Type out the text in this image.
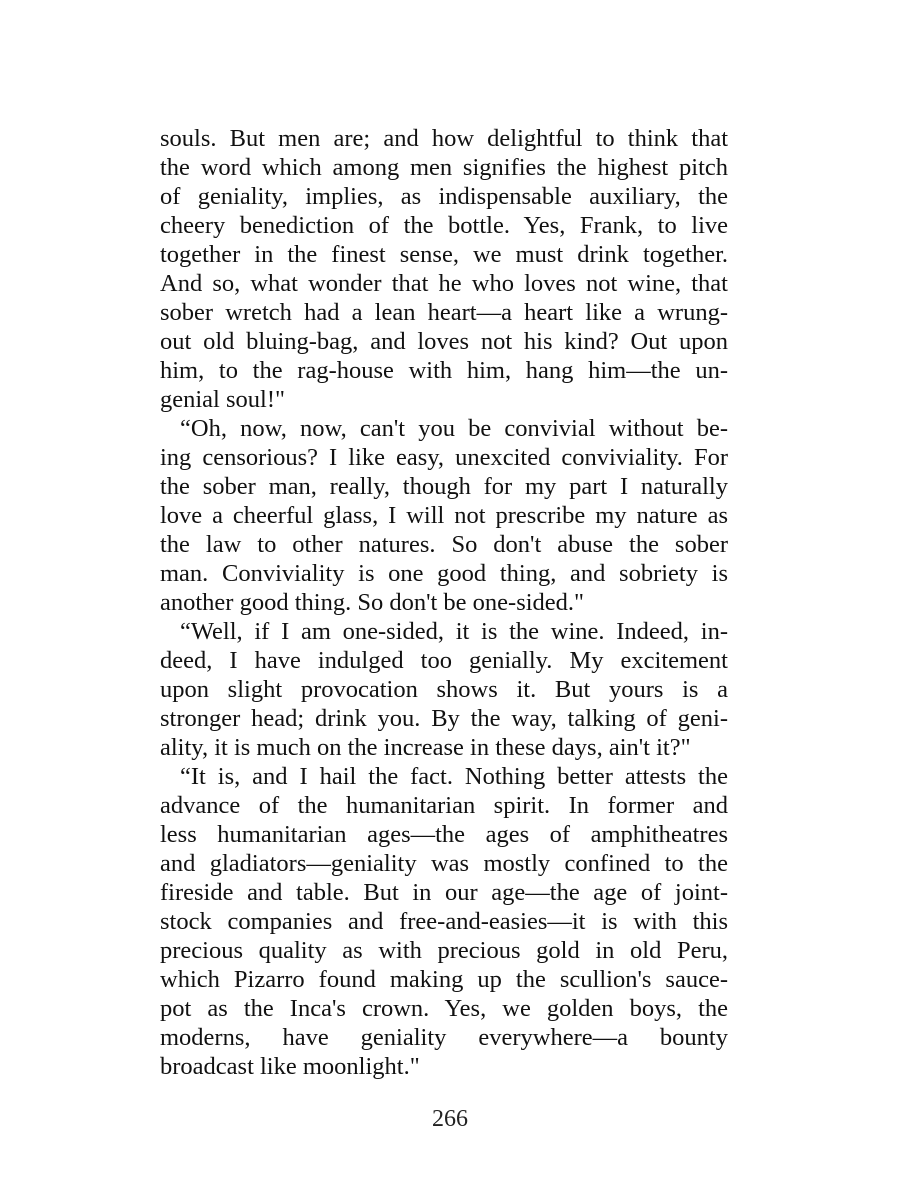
souls. But men are; and how delightful to think that
the word which among men signifies the highest pitch
of geniality, implies, as indispensable auxiliary, the
cheery benediction of the bottle. Yes, Frank, to live
together in the finest sense, we must drink together.
And so, what wonder that he who loves not wine, that
sober wretch had a lean heart—a heart like a wrung-
out old bluing-bag, and loves not his kind? Out upon
him, to the rag-house with him, hang him—the un-
genial soul!"
“Oh, now, now, can't you be convivial without be-
ing censorious? I like easy, unexcited conviviality. For
the sober man, really, though for my part I naturally
love a cheerful glass, I will not prescribe my nature as
the law to other natures. So don't abuse the sober
man. Conviviality is one good thing, and sobriety is
another good thing. So don't be one-sided."
“Well, if I am one-sided, it is the wine. Indeed, in-
deed, I have indulged too genially. My excitement
upon slight provocation shows it. But yours is a
stronger head; drink you. By the way, talking of geni-
ality, it is much on the increase in these days, ain't it?"
“It is, and I hail the fact. Nothing better attests the
advance of the humanitarian spirit. In former and
less humanitarian ages—the ages of amphitheatres
and gladiators—geniality was mostly confined to the
fireside and table. But in our age—the age of joint-
stock companies and free-and-easies—it is with this
precious quality as with precious gold in old Peru,
which Pizarro found making up the scullion's sauce-
pot as the Inca's crown. Yes, we golden boys, the
moderns, have geniality everywhere—a bounty
broadcast like moonlight."
266
